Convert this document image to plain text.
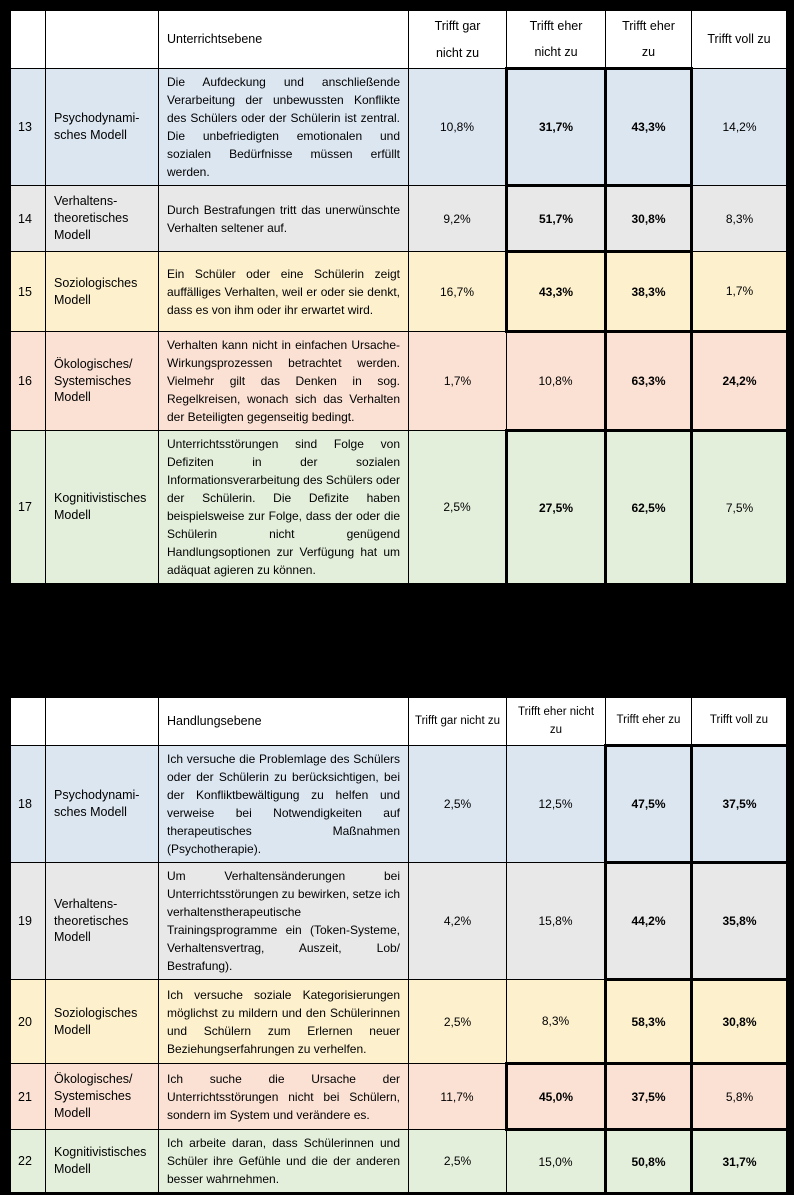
		Unterrichtsebene	Trifft gar nicht zu	Trifft eher nicht zu	Trifft eher zu	Trifft voll zu
13	Psychodynami-sches Modell	Die Aufdeckung und anschließende Verarbeitung der unbewussten Konflikte des Schülers oder der Schülerin ist zentral. Die unbefriedigten emotionalen und sozialen Bedürfnisse müssen erfüllt werden.	10,8%	31,7%	43,3%	14,2%
14	Verhaltens-theoretisches Modell	Durch Bestrafungen tritt das unerwünschte Verhalten seltener auf.	9,2%	51,7%	30,8%	8,3%
15	Soziologisches Modell	Ein Schüler oder eine Schülerin zeigt auffälliges Verhalten, weil er oder sie denkt, dass es von ihm oder ihr erwartet wird.	16,7%	43,3%	38,3%	1,7%
16	Ökologisches/ Systemisches Modell	Verhalten kann nicht in einfachen Ursache-Wirkungsprozessen betrachtet werden. Vielmehr gilt das Denken in sog. Regelkreisen, wonach sich das Verhalten der Beteiligten gegenseitig bedingt.	1,7%	10,8%	63,3%	24,2%
17	Kognitivistisches Modell	Unterrichtsstörungen sind Folge von Defiziten in der sozialen Informationsverarbeitung des Schülers oder der Schülerin. Die Defizite haben beispielsweise zur Folge, dass der oder die Schülerin nicht genügend Handlungsoptionen zur Verfügung hat um adäquat agieren zu können.	2,5%	27,5%	62,5%	7,5%
		Handlungsebene	Trifft gar nicht zu	Trifft eher nicht zu	Trifft eher zu	Trifft voll zu
18	Psychodynami-sches Modell	Ich versuche die Problemlage des Schülers oder der Schülerin zu berücksichtigen, bei der Konfliktbewältigung zu helfen und verweise bei Notwendigkeiten auf therapeutisches Maßnahmen (Psychotherapie).	2,5%	12,5%	47,5%	37,5%
19	Verhaltens-theoretisches Modell	Um Verhaltensänderungen bei Unterrichtsstörungen zu bewirken, setze ich verhaltenstherapeutische Trainingsprogramme ein (Token-Systeme, Verhaltensvertrag, Auszeit, Lob/ Bestrafung).	4,2%	15,8%	44,2%	35,8%
20	Soziologisches Modell	Ich versuche soziale Kategorisierungen möglichst zu mildern und den Schülerinnen und Schülern zum Erlernen neuer Beziehungserfahrungen zu verhelfen.	2,5%	8,3%	58,3%	30,8%
21	Ökologisches/ Systemisches Modell	Ich suche die Ursache der Unterrichtsstörungen nicht bei Schülern, sondern im System und verändere es.	11,7%	45,0%	37,5%	5,8%
22	Kognitivistisches Modell	Ich arbeite daran, dass Schülerinnen und Schüler ihre Gefühle und die der anderen besser wahrnehmen.	2,5%	15,0%	50,8%	31,7%
